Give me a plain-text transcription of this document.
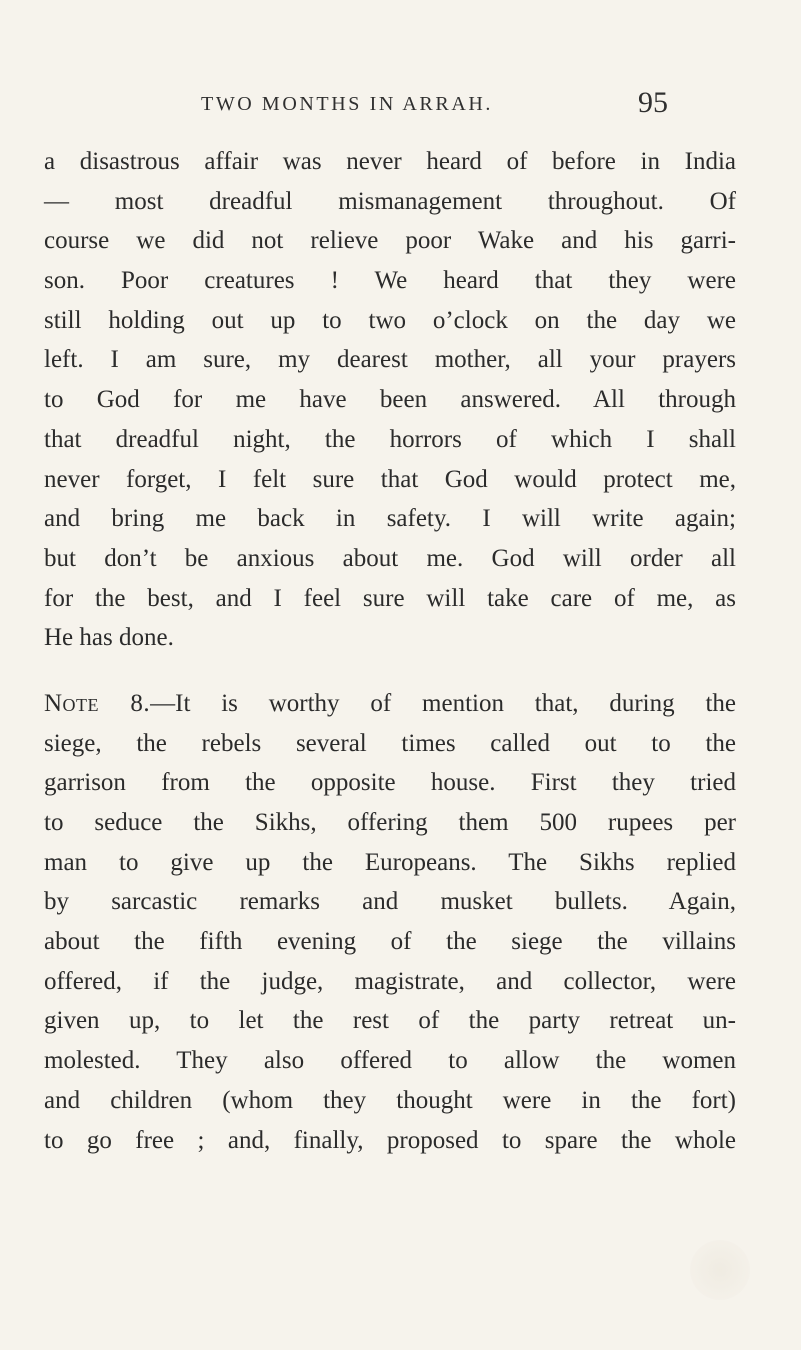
TWO MONTHS IN ARRAH.	95
a disastrous affair was never heard of before in India
— most dreadful mismanagement throughout. Of
course we did not relieve poor Wake and his garri-
son. Poor creatures ! We heard that they were
still holding out up to two o’clock on the day we
left. I am sure, my dearest mother, all your prayers
to God for me have been answered. All through
that dreadful night, the horrors of which I shall
never forget, I felt sure that God would protect me,
and bring me back in safety. I will write again;
but don’t be anxious about me. God will order all
for the best, and I feel sure will take care of me, as
He has done.
Note 8.—It is worthy of mention that, during the
siege, the rebels several times called out to the
garrison from the opposite house. First they tried
to seduce the Sikhs, offering them 500 rupees per
man to give up the Europeans. The Sikhs replied
by sarcastic remarks and musket bullets. Again,
about the fifth evening of the siege the villains
offered, if the judge, magistrate, and collector, were
given up, to let the rest of the party retreat un-
molested. They also offered to allow the women
and children (whom they thought were in the fort)
to go free ; and, finally, proposed to spare the whole
